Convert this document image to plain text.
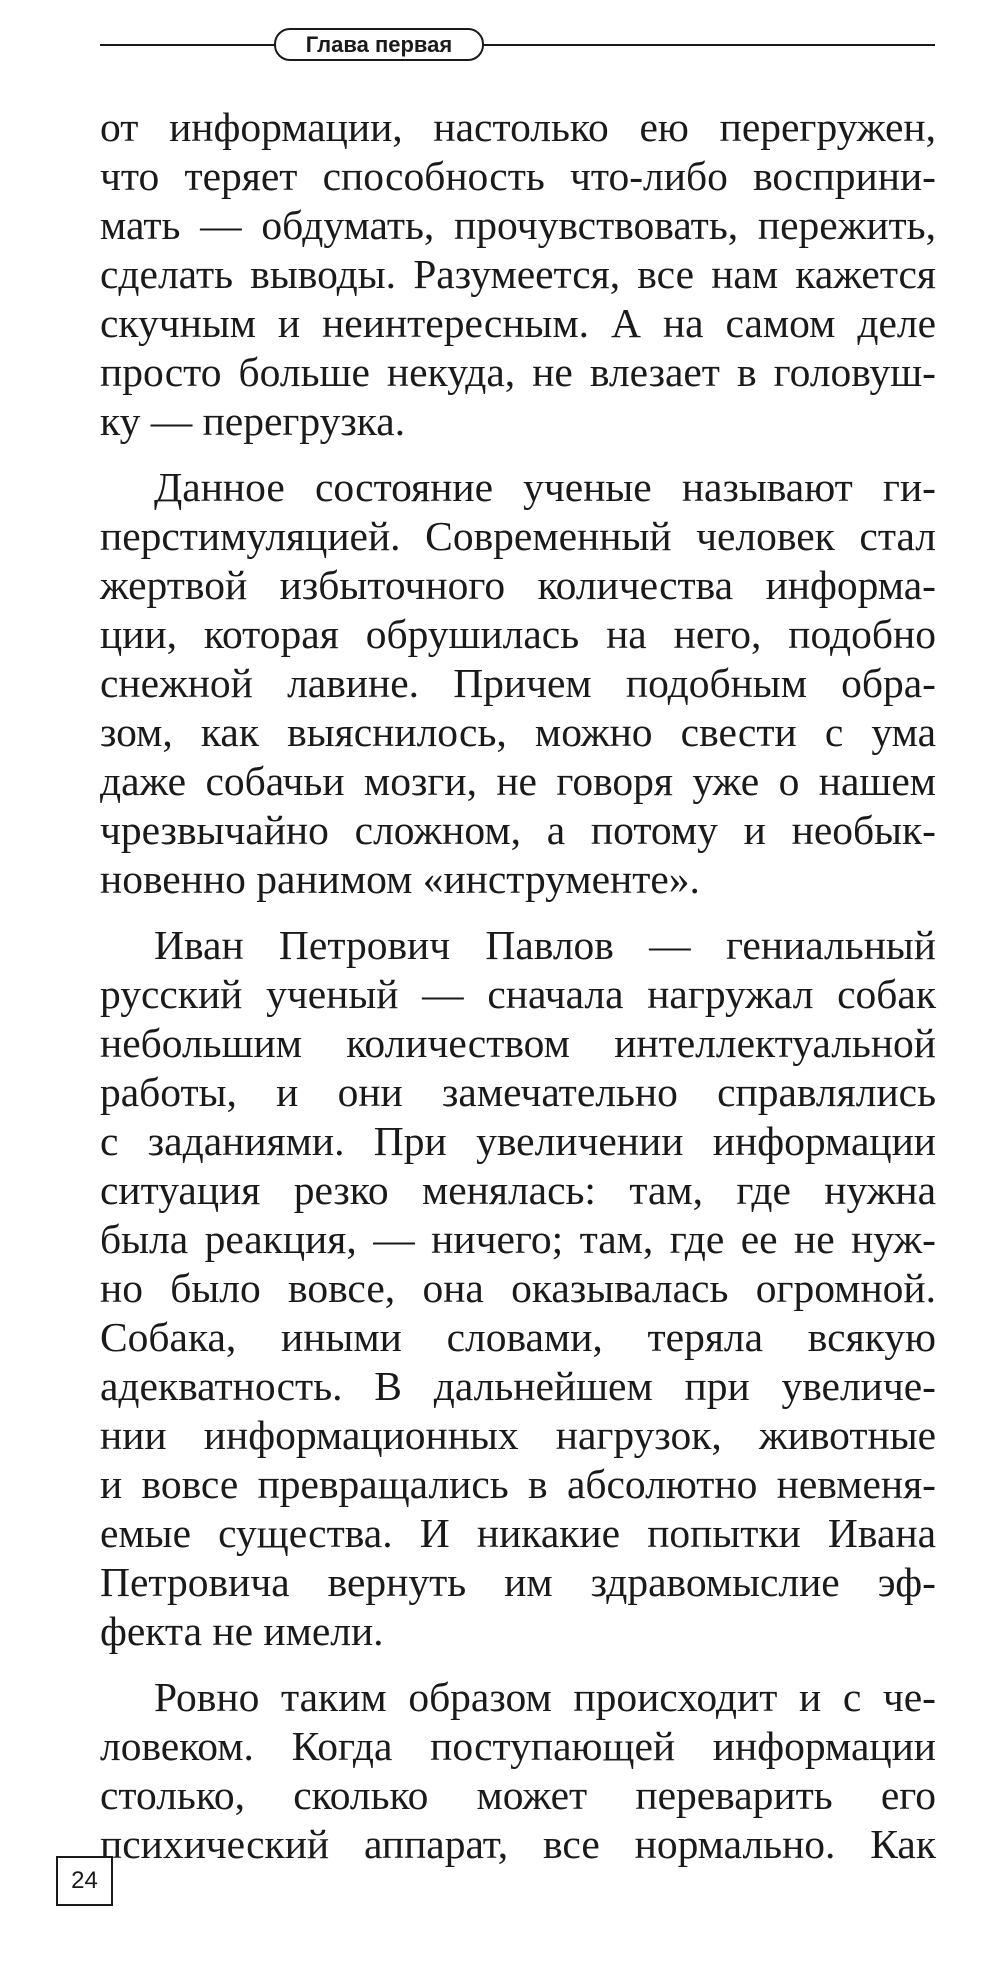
Глава первая
от информации, настолько ею перегружен,
что теряет способность что-либо восприни-
мать — обдумать, прочувствовать, пережить,
сделать выводы. Разумеется, все нам кажется
скучным и неинтересным. А на самом деле
просто больше некуда, не влезает в головуш-
ку — перегрузка.
Данное состояние ученые называют ги-
перстимуляцией. Современный человек стал
жертвой избыточного количества информа-
ции, которая обрушилась на него, подобно
снежной лавине. Причем подобным обра-
зом, как выяснилось, можно свести с ума
даже собачьи мозги, не говоря уже о нашем
чрезвычайно сложном, а потому и необык-
новенно ранимом «инструменте».
Иван Петрович Павлов — гениальный
русский ученый — сначала нагружал собак
небольшим количеством интеллектуальной
работы, и они замечательно справлялись
с заданиями. При увеличении информации
ситуация резко менялась: там, где нужна
была реакция, — ничего; там, где ее не нуж-
но было вовсе, она оказывалась огромной.
Собака, иными словами, теряла всякую
адекватность. В дальнейшем при увеличе-
нии информационных нагрузок, животные
и вовсе превращались в абсолютно невменя-
емые существа. И никакие попытки Ивана
Петровича вернуть им здравомыслие эф-
фекта не имели.
Ровно таким образом происходит и с че-
ловеком. Когда поступающей информации
столько, сколько может переварить его
психический аппарат, все нормально. Как
24
